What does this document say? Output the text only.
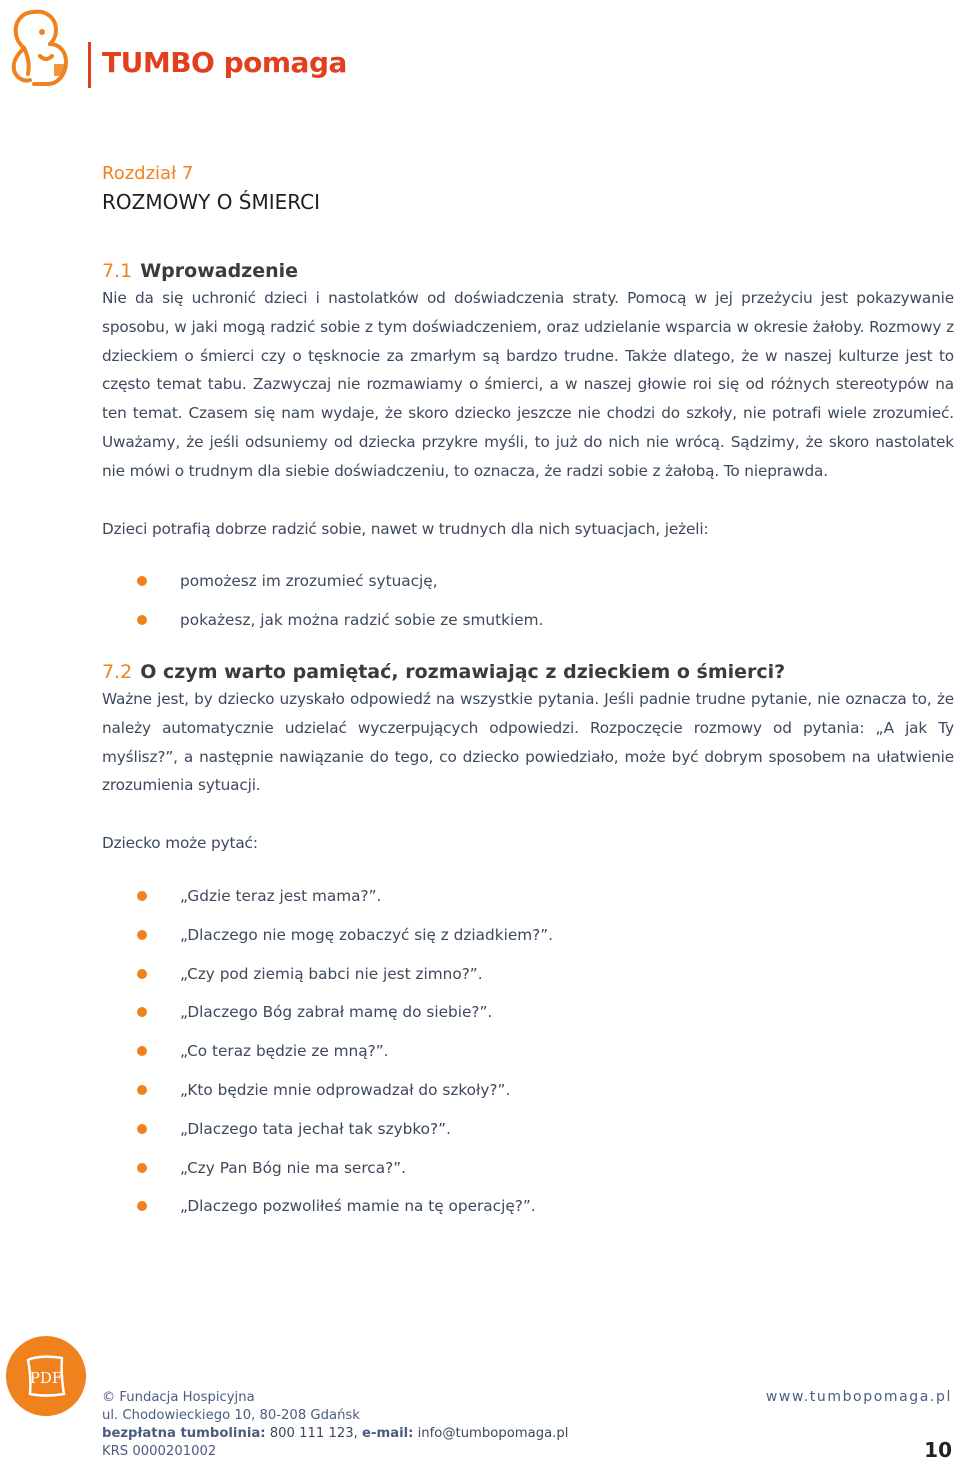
TUMBO pomaga

Rozdział 7

ROZMOWY O ŚMIERCI
7.1 Wprowadzenie

Nie da się uchronić dzieci i nastolatków od doświadczenia straty. Pomocą w jej przeżyciu jest pokazywanie sposobu, w jaki mogą radzić sobie z tym doświadczeniem, oraz udzielanie wsparcia w okresie żałoby. Rozmowy z dzieckiem o śmierci czy o tęsknocie za zmarłym są bardzo trudne. Także dlatego, że w naszej kulturze jest to często temat tabu. Zazwyczaj nie rozmawiamy o śmierci, a w naszej głowie roi się od różnych stereotypów na ten temat. Czasem się nam wydaje, że skoro dziecko jeszcze nie chodzi do szkoły, nie potrafi wiele zrozumieć. Uważamy, że jeśli odsuniemy od dziecka przykre myśli, to już do nich nie wrócą. Sądzimy, że skoro nastolatek nie mówi o trudnym dla siebie doświadczeniu, to oznacza, że radzi sobie z żałobą. To nieprawda.

Dzieci potrafią dobrze radzić sobie, nawet w trudnych dla nich sytuacjach, jeżeli:

pomożesz im zrozumieć sytuację,
pokażesz, jak można radzić sobie ze smutkiem.
7.2 O czym warto pamiętać, rozmawiając z dzieckiem o śmierci?

Ważne jest, by dziecko uzyskało odpowiedź na wszystkie pytania. Jeśli padnie trudne pytanie, nie oznacza to, że należy automatycznie udzielać wyczerpujących odpowiedzi. Rozpoczęcie rozmowy od pytania: „A jak Ty myślisz?”, a następnie nawiązanie do tego, co dziecko powiedziało, może być dobrym sposobem na ułatwienie zrozumienia sytuacji.

Dziecko może pytać:

„Gdzie teraz jest mama?”.
„Dlaczego nie mogę zobaczyć się z dziadkiem?”.
„Czy pod ziemią babci nie jest zimno?”.
„Dlaczego Bóg zabrał mamę do siebie?”.
„Co teraz będzie ze mną?”.
„Kto będzie mnie odprowadzał do szkoły?”.
„Dlaczego tata jechał tak szybko?”.
„Czy Pan Bóg nie ma serca?”.
„Dlaczego pozwoliłeś mamie na tę operację?”.
PDF
© Fundacja Hospicyjna
ul. Chodowieckiego 10, 80-208 Gdańsk
bezpłatna tumbolinia: 800 111 123, e-mail: info@tumbopomaga.pl
KRS 0000201002
www.tumbopomaga.pl
10
